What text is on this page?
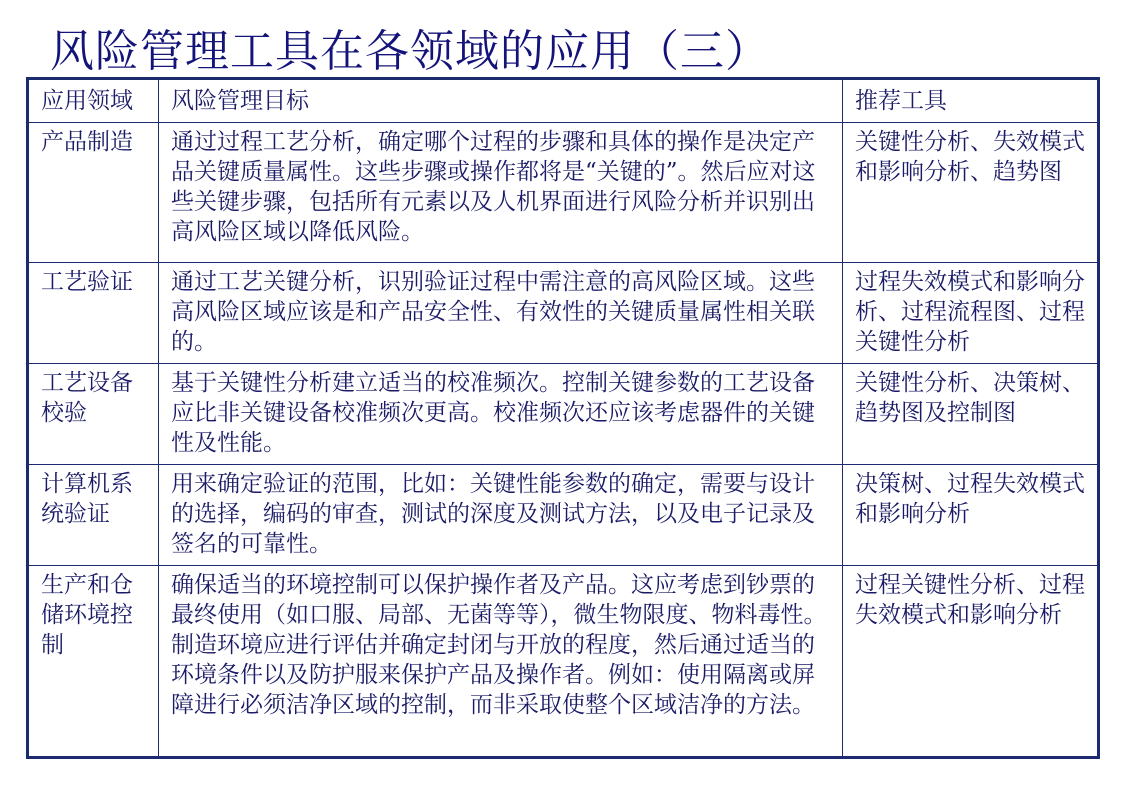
风险管理工具在各领域的应用（三）
应用领域	风险管理目标	推荐工具
产品制造	通过过程工艺分析，确定哪个过程的步骤和具体的操作是决定产品关键质量属性。这些步骤或操作都将是“关键的”。然后应对这些关键步骤，包括所有元素以及人机界面进行风险分析并识别出高风险区域以降低风险。	关键性分析、失效模式和影响分析、趋势图
工艺验证	通过工艺关键分析，识别验证过程中需注意的高风险区域。这些高风险区域应该是和产品安全性、有效性的关键质量属性相关联的。	过程失效模式和影响分析、过程流程图、过程关键性分析
工艺设备校验	基于关键性分析建立适当的校准频次。控制关键参数的工艺设备应比非关键设备校准频次更高。校准频次还应该考虑器件的关键性及性能。	关键性分析、决策树、趋势图及控制图
计算机系统验证	用来确定验证的范围，比如：关键性能参数的确定，需要与设计的选择，编码的审查，测试的深度及测试方法，以及电子记录及签名的可靠性。	决策树、过程失效模式和影响分析
生产和仓储环境控制	确保适当的环境控制可以保护操作者及产品。这应考虑到钞票的最终使用（如口服、局部、无菌等等），微生物限度、物料毒性。制造环境应进行评估并确定封闭与开放的程度，然后通过适当的环境条件以及防护服来保护产品及操作者。例如：使用隔离或屏障进行必须洁净区域的控制，而非采取使整个区域洁净的方法。	过程关键性分析、过程失效模式和影响分析
